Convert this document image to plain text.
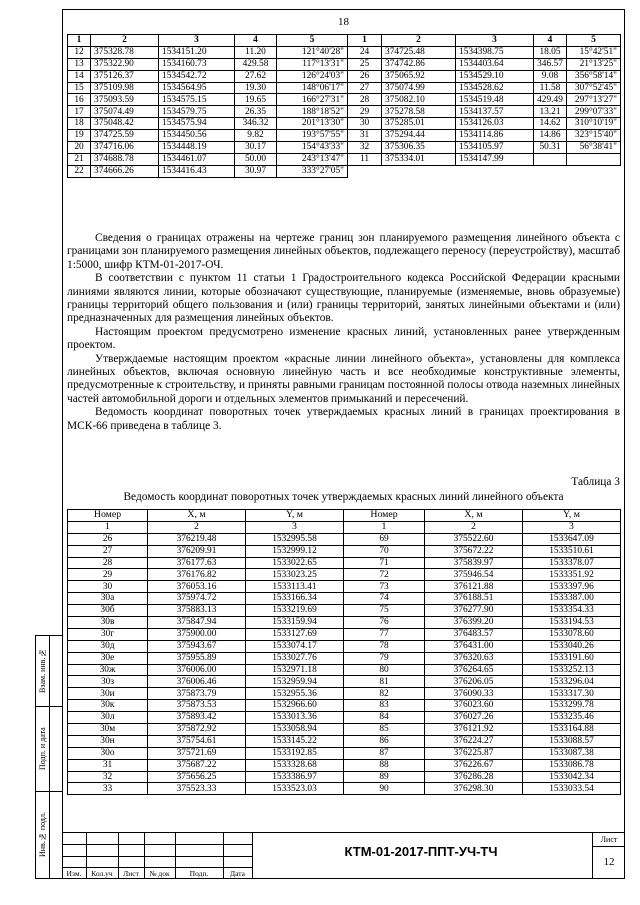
18
1	2	3	4	5	1	2	3	4	5
12	375328.78	1534151.20	11.20	121°40'28"	24	374725.48	1534398.75	18.05	15°42'51"
13	375322.90	1534160.73	429.58	117°13'31"	25	374742.86	1534403.64	346.57	21°13'25"
14	375126.37	1534542.72	27.62	126°24'03"	26	375065.92	1534529.10	9.08	356°58'14"
15	375109.98	1534564.95	19.30	148°06'17"	27	375074.99	1534528.62	11.58	307°52'45"
16	375093.59	1534575.15	19.65	166°27'31"	28	375082.10	1534519.48	429.49	297°13'27"
17	375074.49	1534579.75	26.35	188°18'52"	29	375278.58	1534137.57	13.21	299°07'33"
18	375048.42	1534575.94	346.32	201°13'30"	30	375285.01	1534126.03	14.62	310°10'19"
19	374725.59	1534450.56	9.82	193°57'55"	31	375294.44	1534114.86	14.86	323°15'40"
20	374716.06	1534448.19	30.17	154°43'33"	32	375306.35	1534105.97	50.31	56°38'41"
21	374688.78	1534461.07	50.00	243°13'47"	11	375334.01	1534147.99		
22	374666.26	1534416.43	30.97	333°27'05"					

Сведения о границах отражены на чертеже границ зон планируемого размещения линейного объекта с границами зон планируемого размещения линейных объектов, подлежащего переносу (переустройству), масштаб 1:5000, шифр КТМ-01-2017-ОЧ.

В соответствии с пунктом 11 статьи 1 Градостроительного кодекса Российской Федерации красными линиями являются линии, которые обозначают существующие, планируемые (изменяемые, вновь образуемые) границы территорий общего пользования и (или) границы территорий, занятых линейными объектами и (или) предназначенных для размещения линейных объектов.

Настоящим проектом предусмотрено изменение красных линий, установленных ранее утвержденным проектом.

Утверждаемые настоящим проектом «красные линии линейного объекта», установлены для комплекса линейных объектов, включая основную линейную часть и все необходимые конструктивные элементы, предусмотренные к строительству, и приняты равными границам постоянной полосы отвода наземных линейных частей автомобильной дороги и отдельных элементов примыканий и пересечений.

Ведомость координат поворотных точек утверждаемых красных линий в границах проектирования в МСК-66 приведена в таблице 3.

Таблица 3
Ведомость координат поворотных точек утверждаемых красных линий линейного объекта
Номер	X, м	Y, м	Номер	X, м	Y, м
1	2	3	1	2	3
26	376219.48	1532995.58	69	375522.60	1533647.09
27	376209.91	1532999.12	70	375672.22	1533510.61
28	376177.63	1533022.65	71	375839.97	1533378.07
29	376176.82	1533023.25	72	375946.54	1533351.92
30	376053.16	1533113.41	73	376121.88	1533397.96
30а	375974.72	1533166.34	74	376188.51	1533387.00
30б	375883.13	1533219.69	75	376277.90	1533354.33
30в	375847.94	1533159.94	76	376399.20	1533194.53
30г	375900.00	1533127.69	77	376483.57	1533078.60
30д	375943.67	1533074.17	78	376431.00	1533040.26
30е	375955.89	1533027.76	79	376320.63	1533191.60
30ж	376006.00	1532971.18	80	376264.65	1533252.13
30з	376006.46	1532959.94	81	376206.05	1533296.04
30и	375873.79	1532955.36	82	376090.33	1533317.30
30к	375873.53	1532966.60	83	376023.60	1533299.78
30л	375893.42	1533013.36	84	376027.26	1533235.46
30м	375872.92	1533058.94	85	376121.92	1533164.88
30н	375754.61	1533145.22	86	376224.27	1533088.57
30о	375721.69	1533192.85	87	376225.87	1533087.38
31	375687.22	1533328.68	88	376226.67	1533086.78
32	375656.25	1533386.97	89	376286.28	1533042.34
33	375523.33	1533523.03	90	376298.30	1533033.54
Взам. инв.№
Подп. и дата
Инв.№ подл.
Изм.	Кол.уч	Лист	№ док	Подп.	Дата
Лист
12
КТМ-01-2017-ППТ-УЧ-ТЧ
